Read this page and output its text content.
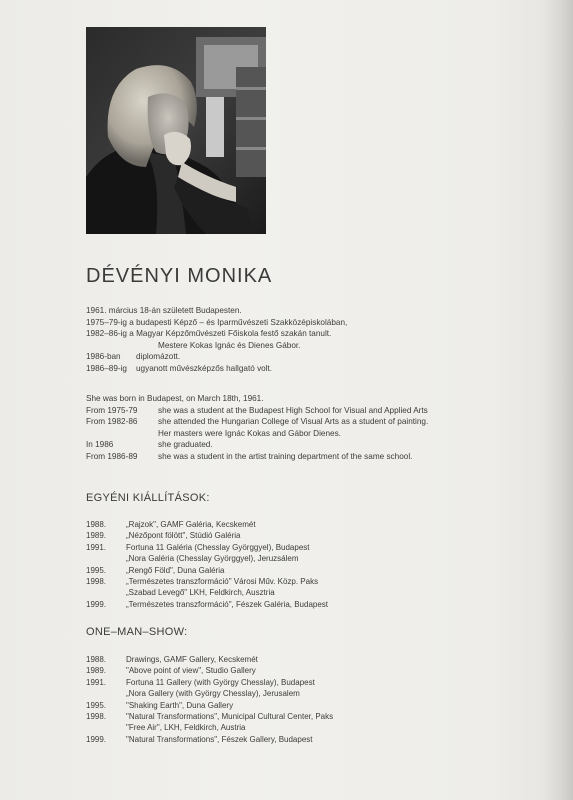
DÉVÉNYI MONIKA
1961. március 18-án született Budapesten.
1975–79-ig a budapesti Képző – és Iparművészeti Szakközépiskolában,
1982–86-ig a Magyar Képzőművészeti Főiskola festő szakán tanult.
Mestere Kokas Ignác és Dienes Gábor.
1986-ban	diplomázott.
1986–89-ig	ugyanott művészképzős hallgató volt.
She was born in Budapest, on March 18th, 1961.
From 1975-79	she was a student at the Budapest High School for Visual and Applied Arts
From 1982-86	she attended the Hungarian College of Visual Arts as a student of painting.
Her masters were Ignác Kokas and Gábor Dienes.
In 1986	she graduated.
From 1986-89	she was a student in the artist training department of the same school.
EGYÉNI KIÁLLÍTÁSOK:
1988.	„Rajzok", GAMF Galéria, Kecskemét
1989.	„Nézőpont fölött", Stúdió Galéria
1991.	Fortuna 11 Galéria (Chesslay Györggyel), Budapest
„Nora Galéria (Chesslay Györggyel), Jeruzsálem
1995.	„Rengő Föld", Duna Galéria
1998.	„Természetes transzformáció" Városi Műv. Közp. Paks
„Szabad Levegő" LKH, Feldkirch, Ausztria
1999.	„Természetes transzformáció", Fészek Galéria, Budapest
ONE–MAN–SHOW:
1988.	Drawings, GAMF Gallery, Kecskemét
1989.	"Above point of view", Studio Gallery
1991.	Fortuna 11 Gallery (with György Chesslay), Budapest
„Nora Gallery (with György Chesslay), Jerusalem
1995.	"Shaking Earth", Duna Gallery
1998.	"Natural Transformations", Municipal Cultural Center, Paks
"Free Air", LKH, Feldkirch, Austria
1999.	"Natural Transformations", Fészek Gallery, Budapest
